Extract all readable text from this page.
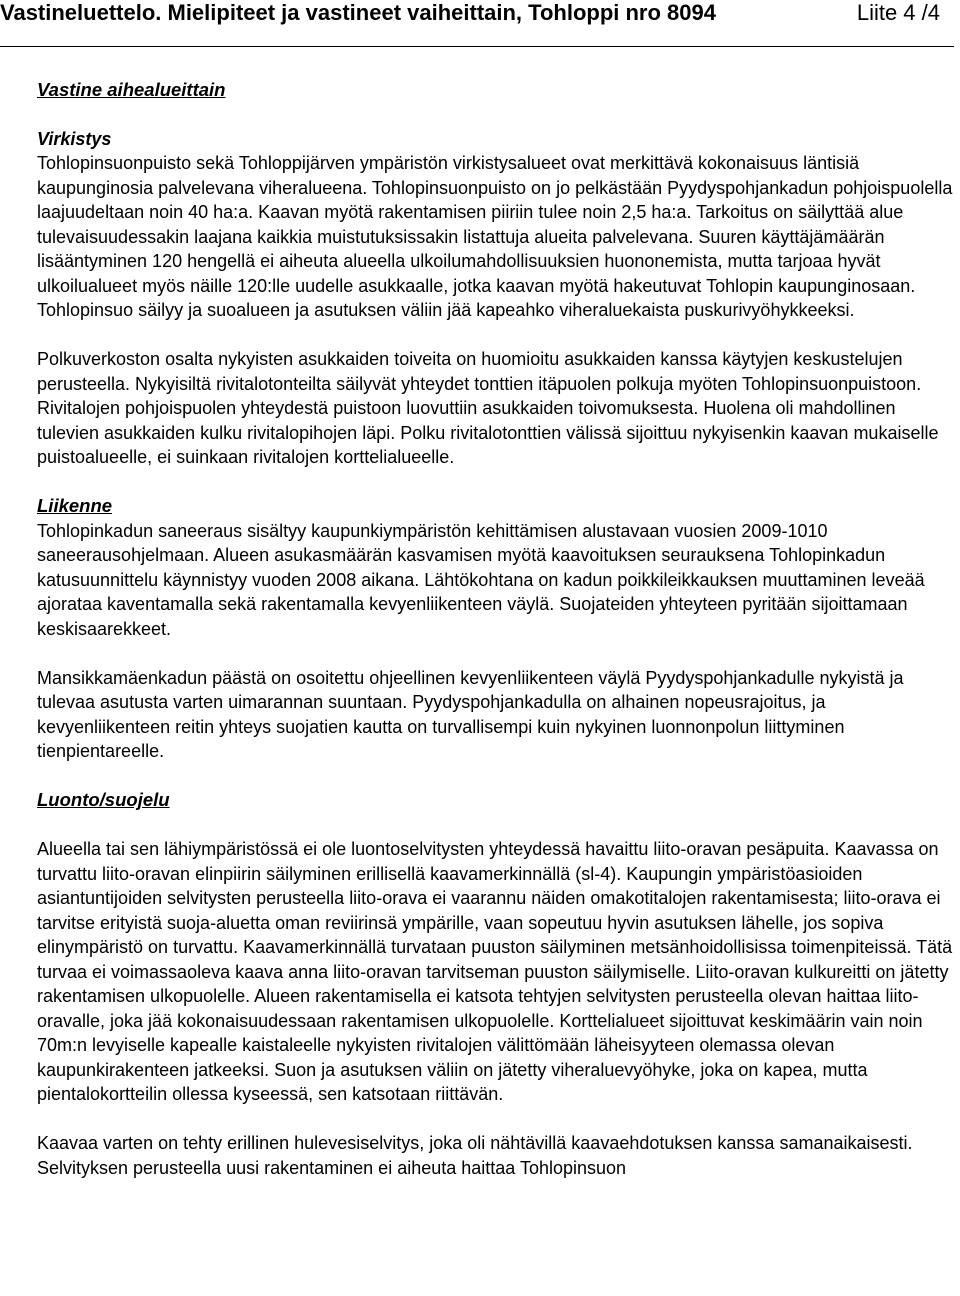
Vastineluettelo. Mielipiteet ja vastineet vaiheittain, Tohloppi nro 8094	Liite 4 /4
Vastine aihealueittain
Virkistys

Tohlopinsuonpuisto sekä Tohloppijärven ympäristön virkistysalueet ovat merkittävä kokonaisuus läntisiä kaupunginosia palvelevana viheralueena. Tohlopinsuonpuisto on jo pelkästään Pyydyspohjankadun pohjoispuolella laajuudeltaan noin 40 ha:a. Kaavan myötä rakentamisen piiriin tulee noin 2,5 ha:a. Tarkoitus on säilyttää alue tulevaisuudessakin laajana kaikkia muistutuksissakin listattuja alueita palvelevana. Suuren käyttäjämäärän lisääntyminen 120 hengellä ei aiheuta alueella ulkoilumahdollisuuksien huononemista, mutta tarjoaa hyvät ulkoilualueet myös näille 120:lle uudelle asukkaalle, jotka kaavan myötä hakeutuvat Tohlopin kaupunginosaan. Tohlopinsuo säilyy ja suoalueen ja asutuksen väliin jää kapeahko viheraluekaista puskurivyöhykkeeksi.

Polkuverkoston osalta nykyisten asukkaiden toiveita on huomioitu asukkaiden kanssa käytyjen keskustelujen perusteella. Nykyisiltä rivitalotonteilta säilyvät yhteydet tonttien itäpuolen polkuja myöten Tohlopinsuonpuistoon. Rivitalojen pohjoispuolen yhteydestä puistoon luovuttiin asukkaiden toivomuksesta. Huolena oli mahdollinen tulevien asukkaiden kulku rivitalopihojen läpi. Polku rivitalotonttien välissä sijoittuu nykyisenkin kaavan mukaiselle puistoalueelle, ei suinkaan rivitalojen korttelialueelle.

Liikenne

Tohlopinkadun saneeraus sisältyy kaupunkiympäristön kehittämisen alustavaan vuosien 2009-1010 saneerausohjelmaan. Alueen asukasmäärän kasvamisen myötä kaavoituksen seurauksena Tohlopinkadun katusuunnittelu käynnistyy vuoden 2008 aikana. Lähtökohtana on kadun poikkileikkauksen muuttaminen leveää ajorataa kaventamalla sekä rakentamalla kevyenliikenteen väylä. Suojateiden yhteyteen pyritään sijoittamaan keskisaarekkeet.

Mansikkamäenkadun päästä on osoitettu ohjeellinen kevyenliikenteen väylä Pyydyspohjankadulle nykyistä ja tulevaa asutusta varten uimarannan suuntaan. Pyydyspohjankadulla on alhainen nopeusrajoitus, ja kevyenliikenteen reitin yhteys suojatien kautta on turvallisempi kuin nykyinen luonnonpolun liittyminen tienpientareelle.

Luonto/suojelu

Alueella tai sen lähiympäristössä ei ole luontoselvitysten yhteydessä havaittu liito-oravan pesäpuita. Kaavassa on turvattu liito-oravan elinpiirin säilyminen erillisellä kaavamerkinnällä (sl-4). Kaupungin ympäristöasioiden asiantuntijoiden selvitysten perusteella liito-orava ei vaarannu näiden omakotitalojen rakentamisesta; liito-orava ei tarvitse erityistä suoja-aluetta oman reviirinsä ympärille, vaan sopeutuu hyvin asutuksen lähelle, jos sopiva elinympäristö on turvattu. Kaavamerkinnällä turvataan puuston säilyminen metsänhoidollisissa toimenpiteissä. Tätä turvaa ei voimassaoleva kaava anna liito-oravan tarvitseman puuston säilymiselle. Liito-oravan kulkureitti on jätetty rakentamisen ulkopuolelle. Alueen rakentamisella ei katsota tehtyjen selvitysten perusteella olevan haittaa liito-oravalle, joka jää kokonaisuudessaan rakentamisen ulkopuolelle. Korttelialueet sijoittuvat keskimäärin vain noin 70m:n levyiselle kapealle kaistaleelle nykyisten rivitalojen välittömään läheisyyteen olemassa olevan kaupunkirakenteen jatkeeksi. Suon ja asutuksen väliin on jätetty viheraluevyöhyke, joka on kapea, mutta pientalokortteilin ollessa kyseessä, sen katsotaan riittävän.

Kaavaa varten on tehty erillinen hulevesiselvitys, joka oli nähtävillä kaavaehdotuksen kanssa samanaikaisesti. Selvityksen perusteella uusi rakentaminen ei aiheuta haittaa Tohlopinsuon
